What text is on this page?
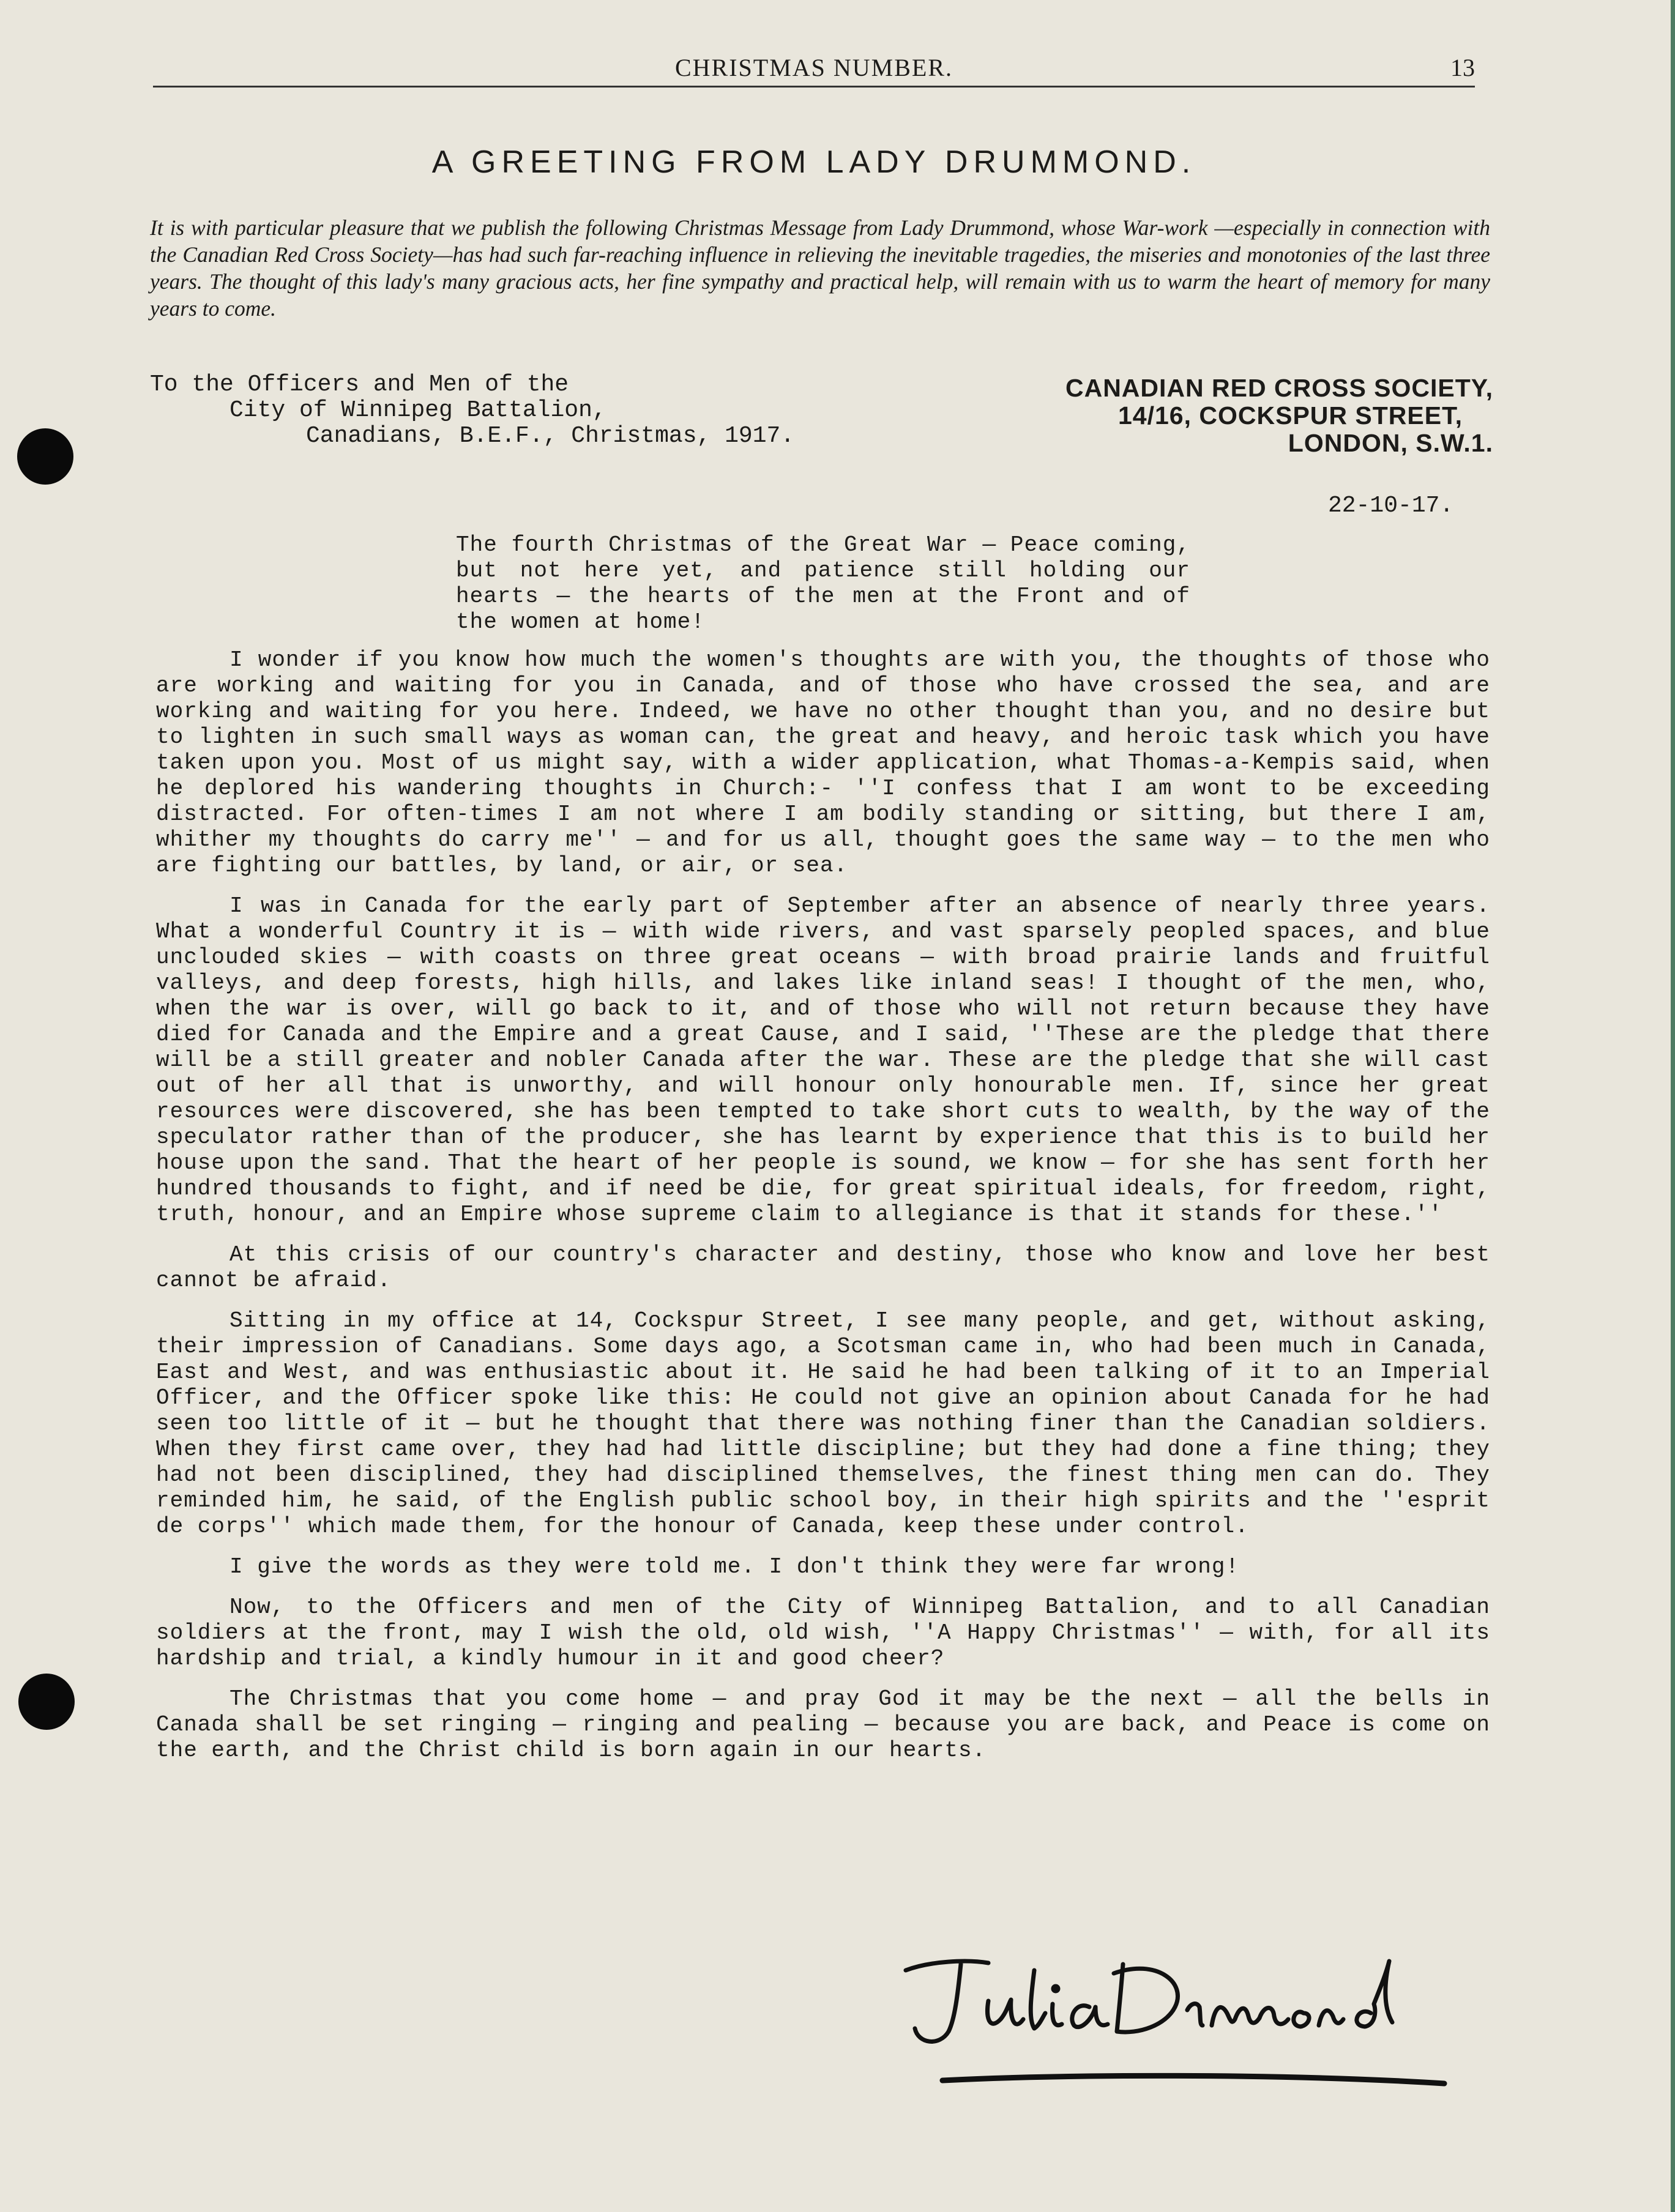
CHRISTMAS NUMBER.	13
A GREETING FROM LADY DRUMMOND.
It is with particular pleasure that we publish the following Christmas Message from Lady Drummond, whose War-work —especially in connection with the Canadian Red Cross Society—has had such far-reaching influence in relieving the inevitable tragedies, the miseries and monotonies of the last three years. The thought of this lady's many gracious acts, her fine sympathy and practical help, will remain with us to warm the heart of memory for many years to come.
To the Officers and Men of the
City of Winnipeg Battalion,
Canadians, B.E.F., Christmas, 1917.
CANADIAN RED CROSS SOCIETY,
14/16, COCKSPUR STREET,
LONDON, S.W.1.
22-10-17.
The fourth Christmas of the Great War — Peace coming, but not here yet, and patience still holding our hearts — the hearts of the men at the Front and of the women at home!

I wonder if you know how much the women's thoughts are with you, the thoughts of those who are working and waiting for you in Canada, and of those who have crossed the sea, and are working and waiting for you here. Indeed, we have no other thought than you, and no desire but to lighten in such small ways as woman can, the great and heavy, and heroic task which you have taken upon you. Most of us might say, with a wider application, what Thomas-a-Kempis said, when he deplored his wandering thoughts in Church:- ''I confess that I am wont to be exceeding distracted. For often-times I am not where I am bodily standing or sitting, but there I am, whither my thoughts do carry me'' — and for us all, thought goes the same way — to the men who are fighting our battles, by land, or air, or sea.

I was in Canada for the early part of September after an absence of nearly three years. What a wonderful Country it is — with wide rivers, and vast sparsely peopled spaces, and blue unclouded skies — with coasts on three great oceans — with broad prairie lands and fruitful valleys, and deep forests, high hills, and lakes like inland seas! I thought of the men, who, when the war is over, will go back to it, and of those who will not return because they have died for Canada and the Empire and a great Cause, and I said, ''These are the pledge that there will be a still greater and nobler Canada after the war. These are the pledge that she will cast out of her all that is unworthy, and will honour only honourable men. If, since her great resources were discovered, she has been tempted to take short cuts to wealth, by the way of the speculator rather than of the producer, she has learnt by experience that this is to build her house upon the sand. That the heart of her people is sound, we know — for she has sent forth her hundred thousands to fight, and if need be die, for great spiritual ideals, for freedom, right, truth, honour, and an Empire whose supreme claim to allegiance is that it stands for these.''

At this crisis of our country's character and destiny, those who know and love her best cannot be afraid.

Sitting in my office at 14, Cockspur Street, I see many people, and get, without asking, their impression of Canadians. Some days ago, a Scotsman came in, who had been much in Canada, East and West, and was enthusiastic about it. He said he had been talking of it to an Imperial Officer, and the Officer spoke like this: He could not give an opinion about Canada for he had seen too little of it — but he thought that there was nothing finer than the Canadian soldiers. When they first came over, they had had little discipline; but they had done a fine thing; they had not been disciplined, they had disciplined themselves, the finest thing men can do. They reminded him, he said, of the English public school boy, in their high spirits and the ''esprit de corps'' which made them, for the honour of Canada, keep these under control.

I give the words as they were told me. I don't think they were far wrong!

Now, to the Officers and men of the City of Winnipeg Battalion, and to all Canadian soldiers at the front, may I wish the old, old wish, ''A Happy Christmas'' — with, for all its hardship and trial, a kindly humour in it and good cheer?

The Christmas that you come home — and pray God it may be the next — all the bells in Canada shall be set ringing — ringing and pealing — because you are back, and Peace is come on the earth, and the Christ child is born again in our hearts.
